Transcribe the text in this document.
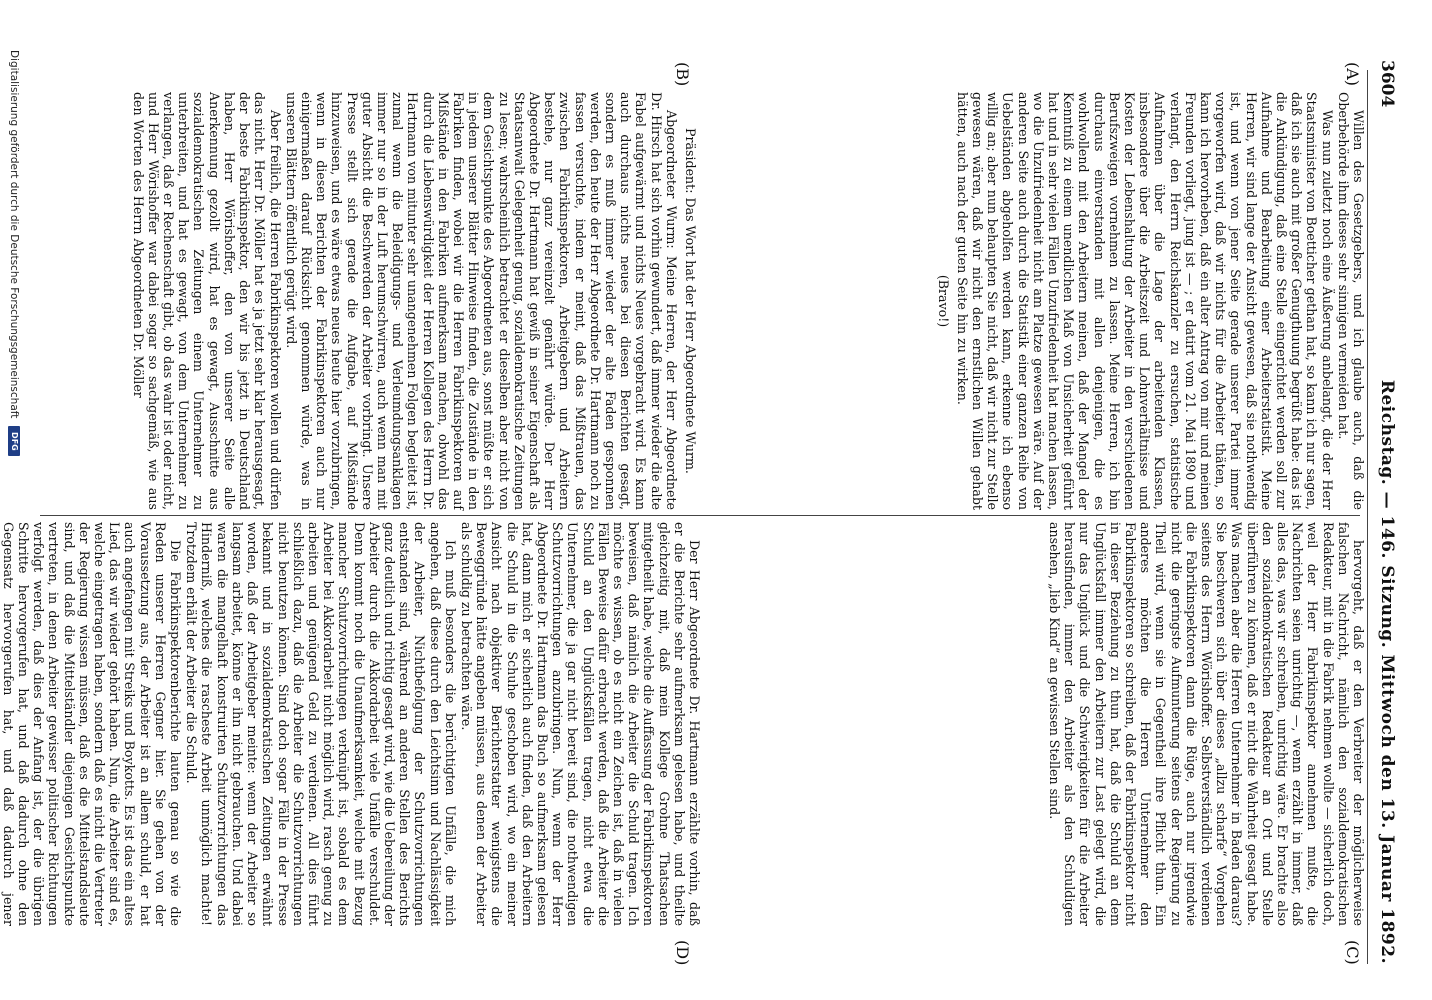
3604
Reichstag. — 146. Sitzung. Mittwoch den 13. Januar 1892.
(A)
(B)
(C)
(D)

Willen des Gesetzgebers, und ich glaube auch, daß die Oberbehörde ihm dieses sehr sinnigen vermeiden hat.

Was nun zuletzt noch eine Äußerung anbelangt, die der Herr Staatsminister von Boetticher gethan hat, so kann ich nur sagen, daß ich sie auch mit großer Genugthuung begrüßt habe: das ist die Ankündigung, daß eine Stelle eingerichtet werden soll zur Aufnahme und Bearbeitung einer Arbeiterstatistik. Meine Herren, wir sind lange der Ansicht gewesen, daß sie nothwendig ist, und wenn von jener Seite gerade unserer Partei immer vorgeworfen wird, daß wir nichts für die Arbeiter thäten, so kann ich hervorheben, daß ein alter Antrag von mir und meinen Freunden vorliegt, jung ist — ; er datirt vom 21. Mai 1890 und verlangt, den Herrn Reichskanzler zu ersuchen, statistische Aufnahmen über die Lage der arbeitenden Klassen, insbesondere über die Arbeitszeit und Lohnverhältnisse und Kosten der Lebenshaltung der Arbeiter in den verschiedenen Berufszweigen vornehmen zu lassen. Meine Herren, ich bin durchaus einverstanden mit allen denjenigen, die es wohlwollend mit den Arbeitern meinen, daß der Mangel der Kenntniß zu einem unendlichen Maß von Unsicherheit geführt hat und in sehr vielen Fällen Unzufriedenheit hat machen lassen, wo die Unzufriedenheit nicht am Platze gewesen wäre. Auf der anderen Seite auch durch die Statistik einer ganzen Reihe von Uebelständen abgeholfen werden kann, erkenne ich ebenso willig an; aber nun behaupten Sie nicht, daß wir nicht zur Stelle gewesen wären, daß wir nicht den ernstlichen Willen gehabt hätten, auch nach der guten Seite hin zu wirken.

(Bravo!)

Präsident: Das Wort hat der Herr Abgeordnete Wurm.

Abgeordneter Wurm: Meine Herren, der Herr Abgeordnete Dr. Hirsch hat sich vorhin gewundert, daß immer wieder die alte Fabel aufgewärmt und nichts Neues vorgebracht wird. Es kann auch durchaus nichts neues bei diesen Berichten gesagt, sondern es muß immer wieder der alte Faden gesponnen werden, den heute der Herr Abgeordnete Dr. Hartmann noch zu fassen versuchte, indem er meint, daß das Mißtrauen, das zwischen Fabrikinspektoren, Arbeitgebern und Arbeitern bestehe, nur ganz vereinzelt genährt würde. Der Herr Abgeordnete Dr. Hartmann hat gewiß in seiner Eigenschaft als Staatsanwalt Gelegenheit genug, sozialdemokratische Zeitungen zu lesen; wahrscheinlich betrachtet er dieselben aber nicht von dem Gesichtspunkte des Abgeordneten aus, sonst müßte er sich in jedem unserer Blätter Hinweise finden, die Zustände in den Fabriken finden, wobei wir die Herren Fabrikinspektoren auf Mißstände in den Fabriken aufmerksam machen, obwohl das durch die Liebenswürdigkeit der Herren Kollegen des Herrn Dr. Hartmann von mitunter sehr unangenehmen Folgen begleitet ist, zumal wenn die Beleidigungs- und Verleumdungsanklagen immer nur so in der Luft herumschwirren, auch wenn man mit guter Absicht die Beschwerden der Arbeiter vorbringt. Unsere Presse stellt sich gerade die Aufgabe, auf Mißstände hinzuweisen, und es wäre etwas neues heute hier vorzubringen, wenn in diesen Berichten der Fabrikinspektoren auch nur einigermaßen darauf Rücksicht genommen würde, was in unseren Blättern öffentlich gerügt wird.

Aber freilich, die Herren Fabrikinspektoren wollen und dürfen das nicht. Herr Dr. Möller hat es ja jetzt sehr klar herausgesagt, der beste Fabrikinspektor, den wir bis jetzt in Deutschland haben, Herr Wörishoffer, den von unserer Seite alle Anerkennung gezollt wird, hat es gewagt, Ausschnitte aus sozialdemokratischen Zeitungen einem Unternehmer zu unterbreiten, und hat es gewagt, von dem Unternehmer zu verlangen, daß er Rechenschaft gibt, ob das wahr ist oder nicht, und Herr Wörishoffer war dabei sogar so sachgemäß, wie aus den Worten des Herrn Abgeordneten Dr. Möller

hervorgeht, daß er den Verbreiter der möglicherweise falschen Nachricht, nämlich den sozialdemokratischen Redakteur, mit in die Fabrik nehmen wollte — sicherlich doch, weil der Herr Fabrikinspektor annehmen mußte, die Nachrichten seien unrichtig —, wenn erzählt in immer, daß alles das, was wir schreiben, unrichtig wäre. Er brachte also den sozialdemokratischen Redakteur an Ort und Stelle überführen zu können, daß er nicht die Wahrheit gesagt habe. Was machen aber die Herren Unternehmer in Baden daraus? Sie beschweren sich über dieses „allzu scharfe“ Vorgehen seitens des Herrn Wörishoffer. Selbstverständlich verdienen die Fabrikinspektoren dann die Rüge, auch nur irgendwie nicht die geringste Aufmunterung seitens der Regierung zu Theil wird, wenn sie in Gegentheil ihre Pflicht thun. Ein anderes möchten die Herren Unternehmer den Fabrikinspektoren so schreiben, daß der Fabrikinspektor nicht in dieser Beziehung zu thun hat, daß die Schuld an dem Unglücksfall immer den Arbeitern zur Last gelegt wird, die nur das Unglück und die Schwierigkeiten für die Arbeiter herausfinden, immer den Arbeiter als den Schuldigen ansehen, „lieb Kind“ an gewissen Stellen sind.

Der Herr Abgeordnete Dr. Hartmann erzählte vorhin, daß er die Berichte sehr aufmerksam gelesen habe, und theilte gleichzeitig mit, daß mein Kollege Grohne Thatsachen mitgetheilt habe, welche die Auffassung der Fabrikinspektoren beweisen, daß nämlich die Arbeiter die Schuld tragen. Ich möchte es wissen, ob es nicht ein Zeichen ist, daß in vielen Fällen Beweise dafür erbracht werden, daß die Arbeiter die Schuld an den Unglücksfällen tragen, nicht etwa die Unternehmer, die ja gar nicht bereit sind, die nothwendigen Schutzvorrichtungen anzubringen. Nun, wenn der Herr Abgeordnete Dr. Hartmann das Buch so aufmerksam gelesen hat, dann mich er sicherlich auch finden, daß den Arbeitern die Schuld in die Schuhe geschoben wird, wo ein meiner Ansicht nach objektiver Berichterstatter wenigstens die Beweggründe hätte angeben müssen, aus denen der Arbeiter als schuldig zu betrachten wäre.

Ich muß besonders die berüchtigten Unfälle, die mich angehen, daß diese durch den Leichtsinn und Nachlässigkeit der Arbeiter, Nichtbefolgung der Schutzvorrichtungen entstanden sind, während an anderen Stellen des Berichts ganz deutlich und richtig gesagt wird, wie die Uebereilung der Arbeiter durch die Akkordarbeit viele Unfälle verschuldet. Denn kommt noch die Unaufmerksamkeit, welche mit Bezug mancher Schutzvorrichtungen verknüpft ist, sobald es dem Arbeiter bei Akkordarbeit nicht möglich wird, rasch genug zu arbeiten und genügend Geld zu verdienen. All dies führt schließlich dazu, daß die Arbeiter die Schutzvorrichtungen nicht benutzen können. Sind doch sogar Fälle in der Presse bekannt und in sozialdemokratischen Zeitungen erwähnt worden, daß der Arbeitgeber meinte: wenn der Arbeiter so langsam arbeitet, könne er ihn nicht gebrauchen. Und dabei waren die mangelhaft konstruirten Schutzvorrichtungen das Hinderniß, welches die rascheste Arbeit unmöglich machte! Trotzdem erhält der Arbeiter die Schuld.

Die Fabrikinspektorenberichte lauten genau so wie die Reden unserer Herren Gegner hier. Sie gehen von der Voraussetzung aus, der Arbeiter ist an allem schuld, er hat auch angefangen mit Streiks und Boykotts. Es ist das ein altes Lied, das wir wieder gehört haben. Nun, die Arbeiter sind es, welche eingetragen haben, sondern daß es nicht die Vertreter der Regierung wissen müssen, daß es die Mittelstandsleute sind, und daß die Mittelständler diejenigen Gesichtspunkte vertreten, in denen Arbeiter gewisser politischer Richtungen verfolgt werden, daß dies der Anfang ist, der die übrigen Schritte hervorgerufen hat, und daß dadurch ohne den Gegensatz hervorgerufen hat, und daß dadurch jener

Digitalisierung gefördert durch die Deutsche Forschungsgemeinschaft
DFG
